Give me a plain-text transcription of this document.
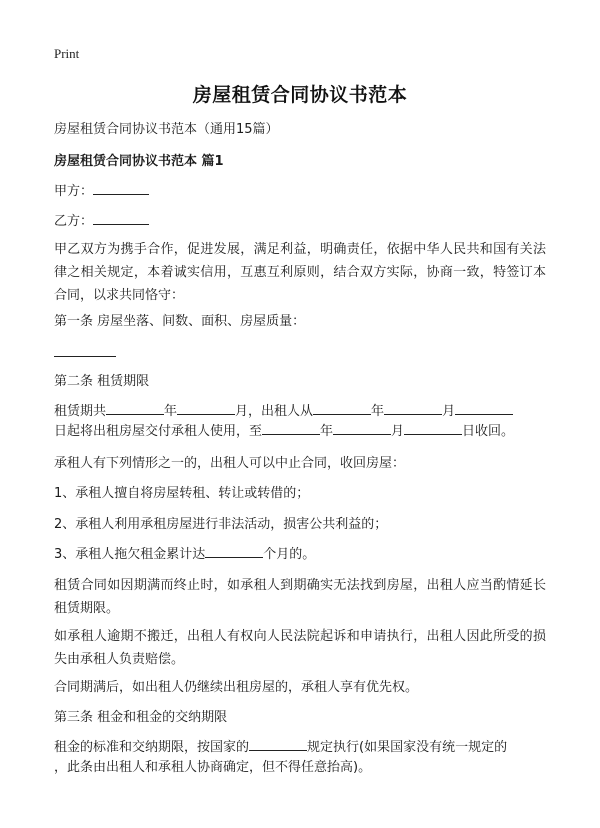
Print
房屋租赁合同协议书范本
房屋租赁合同协议书范本（通用15篇）
房屋租赁合同协议书范本 篇1
甲方：
乙方：
甲乙双方为携手合作，促进发展，满足利益，明确责任，依据中华人民共和国有关法律之相关规定，本着诚实信用，互惠互利原则，结合双方实际，协商一致，特签订本合同，以求共同恪守：
第一条 房屋坐落、间数、面积、房屋质量：
第二条 租赁期限
租赁期共	年	月，出租人从	年	月
日起将出租房屋交付承租人使用，至	年	月	日收回。
承租人有下列情形之一的，出租人可以中止合同，收回房屋：
1、承租人擅自将房屋转租、转让或转借的；
2、承租人利用承租房屋进行非法活动，损害公共利益的；
3、承租人拖欠租金累计达	个月的。
租赁合同如因期满而终止时，如承租人到期确实无法找到房屋，出租人应当酌情延长租赁期限。
如承租人逾期不搬迁，出租人有权向人民法院起诉和申请执行，出租人因此所受的损失由承租人负责赔偿。
合同期满后，如出租人仍继续出租房屋的，承租人享有优先权。
第三条 租金和租金的交纳期限
租金的标准和交纳期限，按国家的	规定执行(如果国家没有统一规定的
，此条由出租人和承租人协商确定，但不得任意抬高)。
